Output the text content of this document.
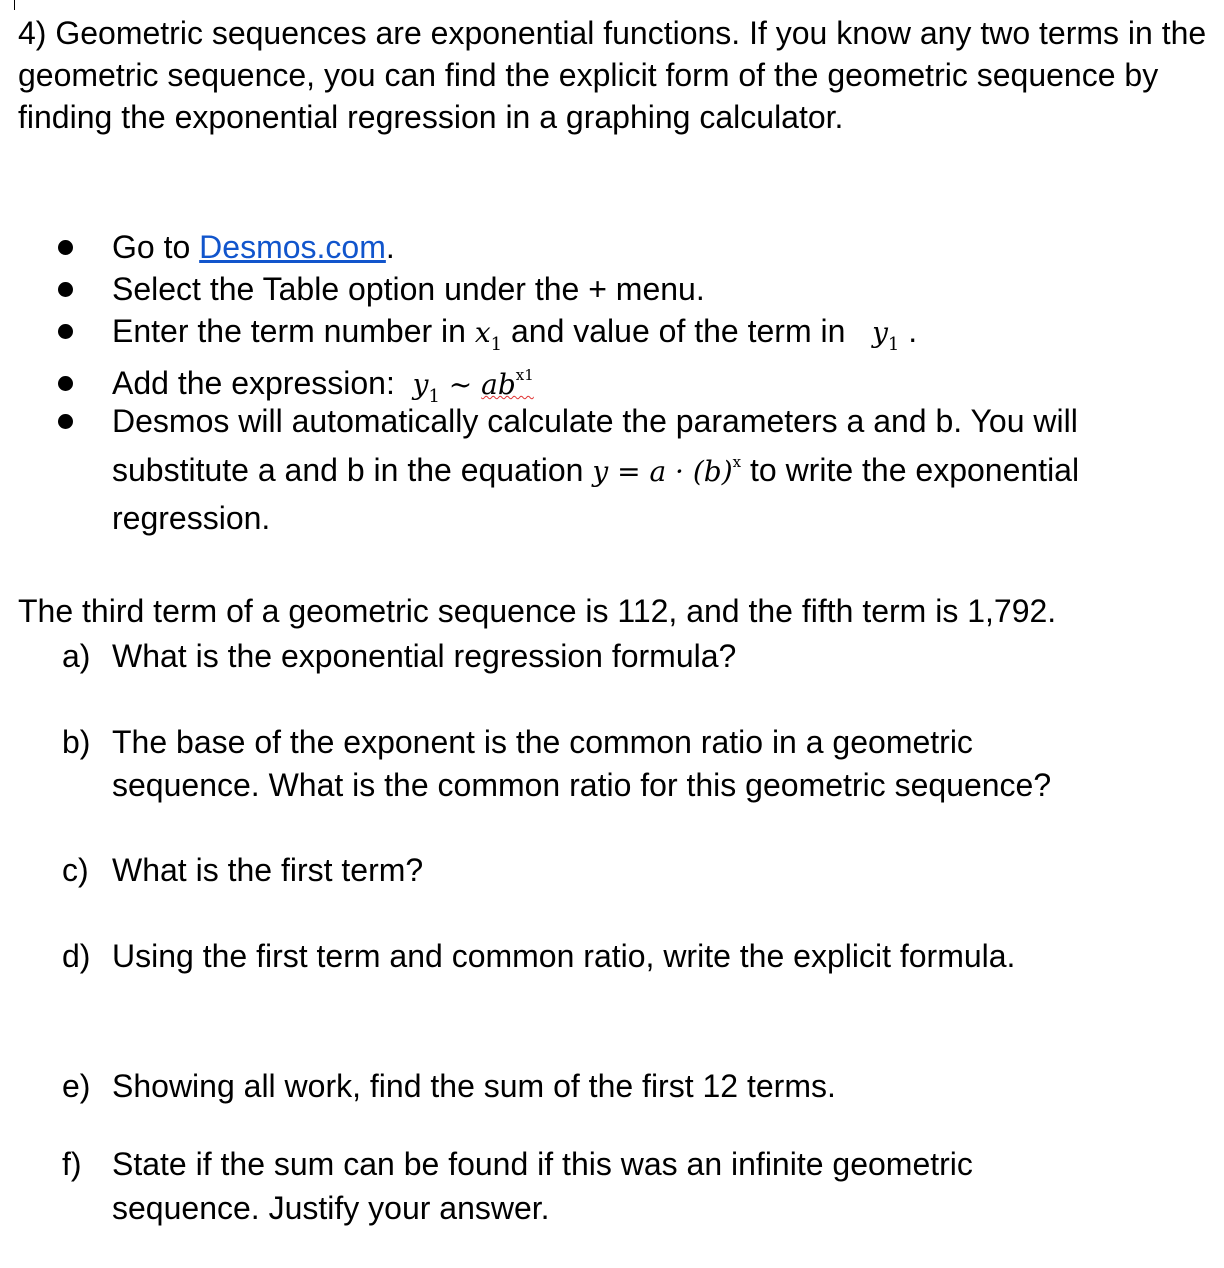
4) Geometric sequences are exponential functions. If you know any two terms in the geometric sequence, you can find the explicit form of the geometric sequence by finding the exponential regression in a graphing calculator.

Go to Desmos.com.
Select the Table option under the + menu.
Enter the term number in $x_1$ and value of the term in   $y_1$ .
Add the expression:  $y_1$ ~ $ab^{x1}$
Desmos will automatically calculate the parameters a and b. You will
substitute a and b in the equation $y = a \cdot (b)^x$ to write the exponential
regression.
The third term of a geometric sequence is 112, and the fifth term is 1,792.
a) What is the exponential regression formula?
b) The base of the exponent is the common ratio in a geometric
sequence. What is the common ratio for this geometric sequence?
c) What is the first term?
d) Using the first term and common ratio, write the explicit formula.
e) Showing all work, find the sum of the first 12 terms.
f) State if the sum can be found if this was an infinite geometric
sequence. Justify your answer.
